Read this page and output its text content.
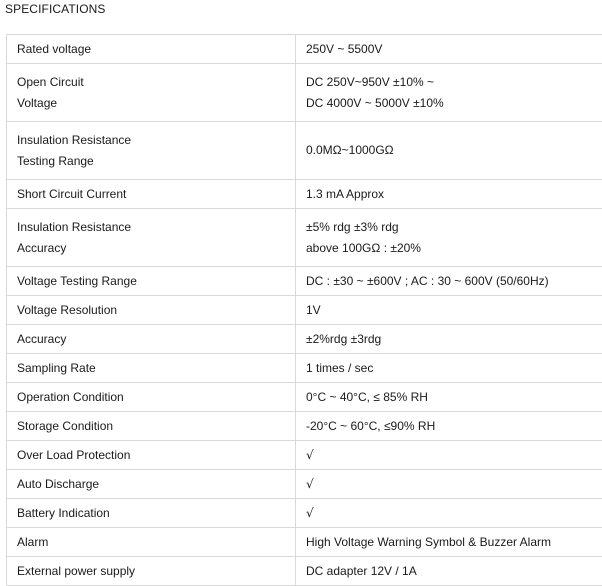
SPECIFICATIONS
Rated voltage	250V ~ 5500V

Open Circuit
Voltage	DC 250V~950V ±10% ~
DC 4000V ~ 5000V ±10%

Insulation Resistance
Testing Range	0.0MΩ~1000GΩ

Short Circuit Current	1.3 mA Approx

Insulation Resistance
Accuracy	±5% rdg ±3% rdg
above 100GΩ : ±20%

Voltage Testing Range	DC : ±30 ~ ±600V ; AC : 30 ~ 600V (50/60Hz)

Voltage Resolution	1V

Accuracy	±2%rdg ±3rdg

Sampling Rate	1 times / sec

Operation Condition	0°C ~ 40°C, ≤ 85% RH

Storage Condition	-20°C ~ 60°C, ≤90% RH

Over Load Protection	√

Auto Discharge	√

Battery Indication	√

Alarm	High Voltage Warning Symbol & Buzzer Alarm

External power supply	DC adapter 12V / 1A
